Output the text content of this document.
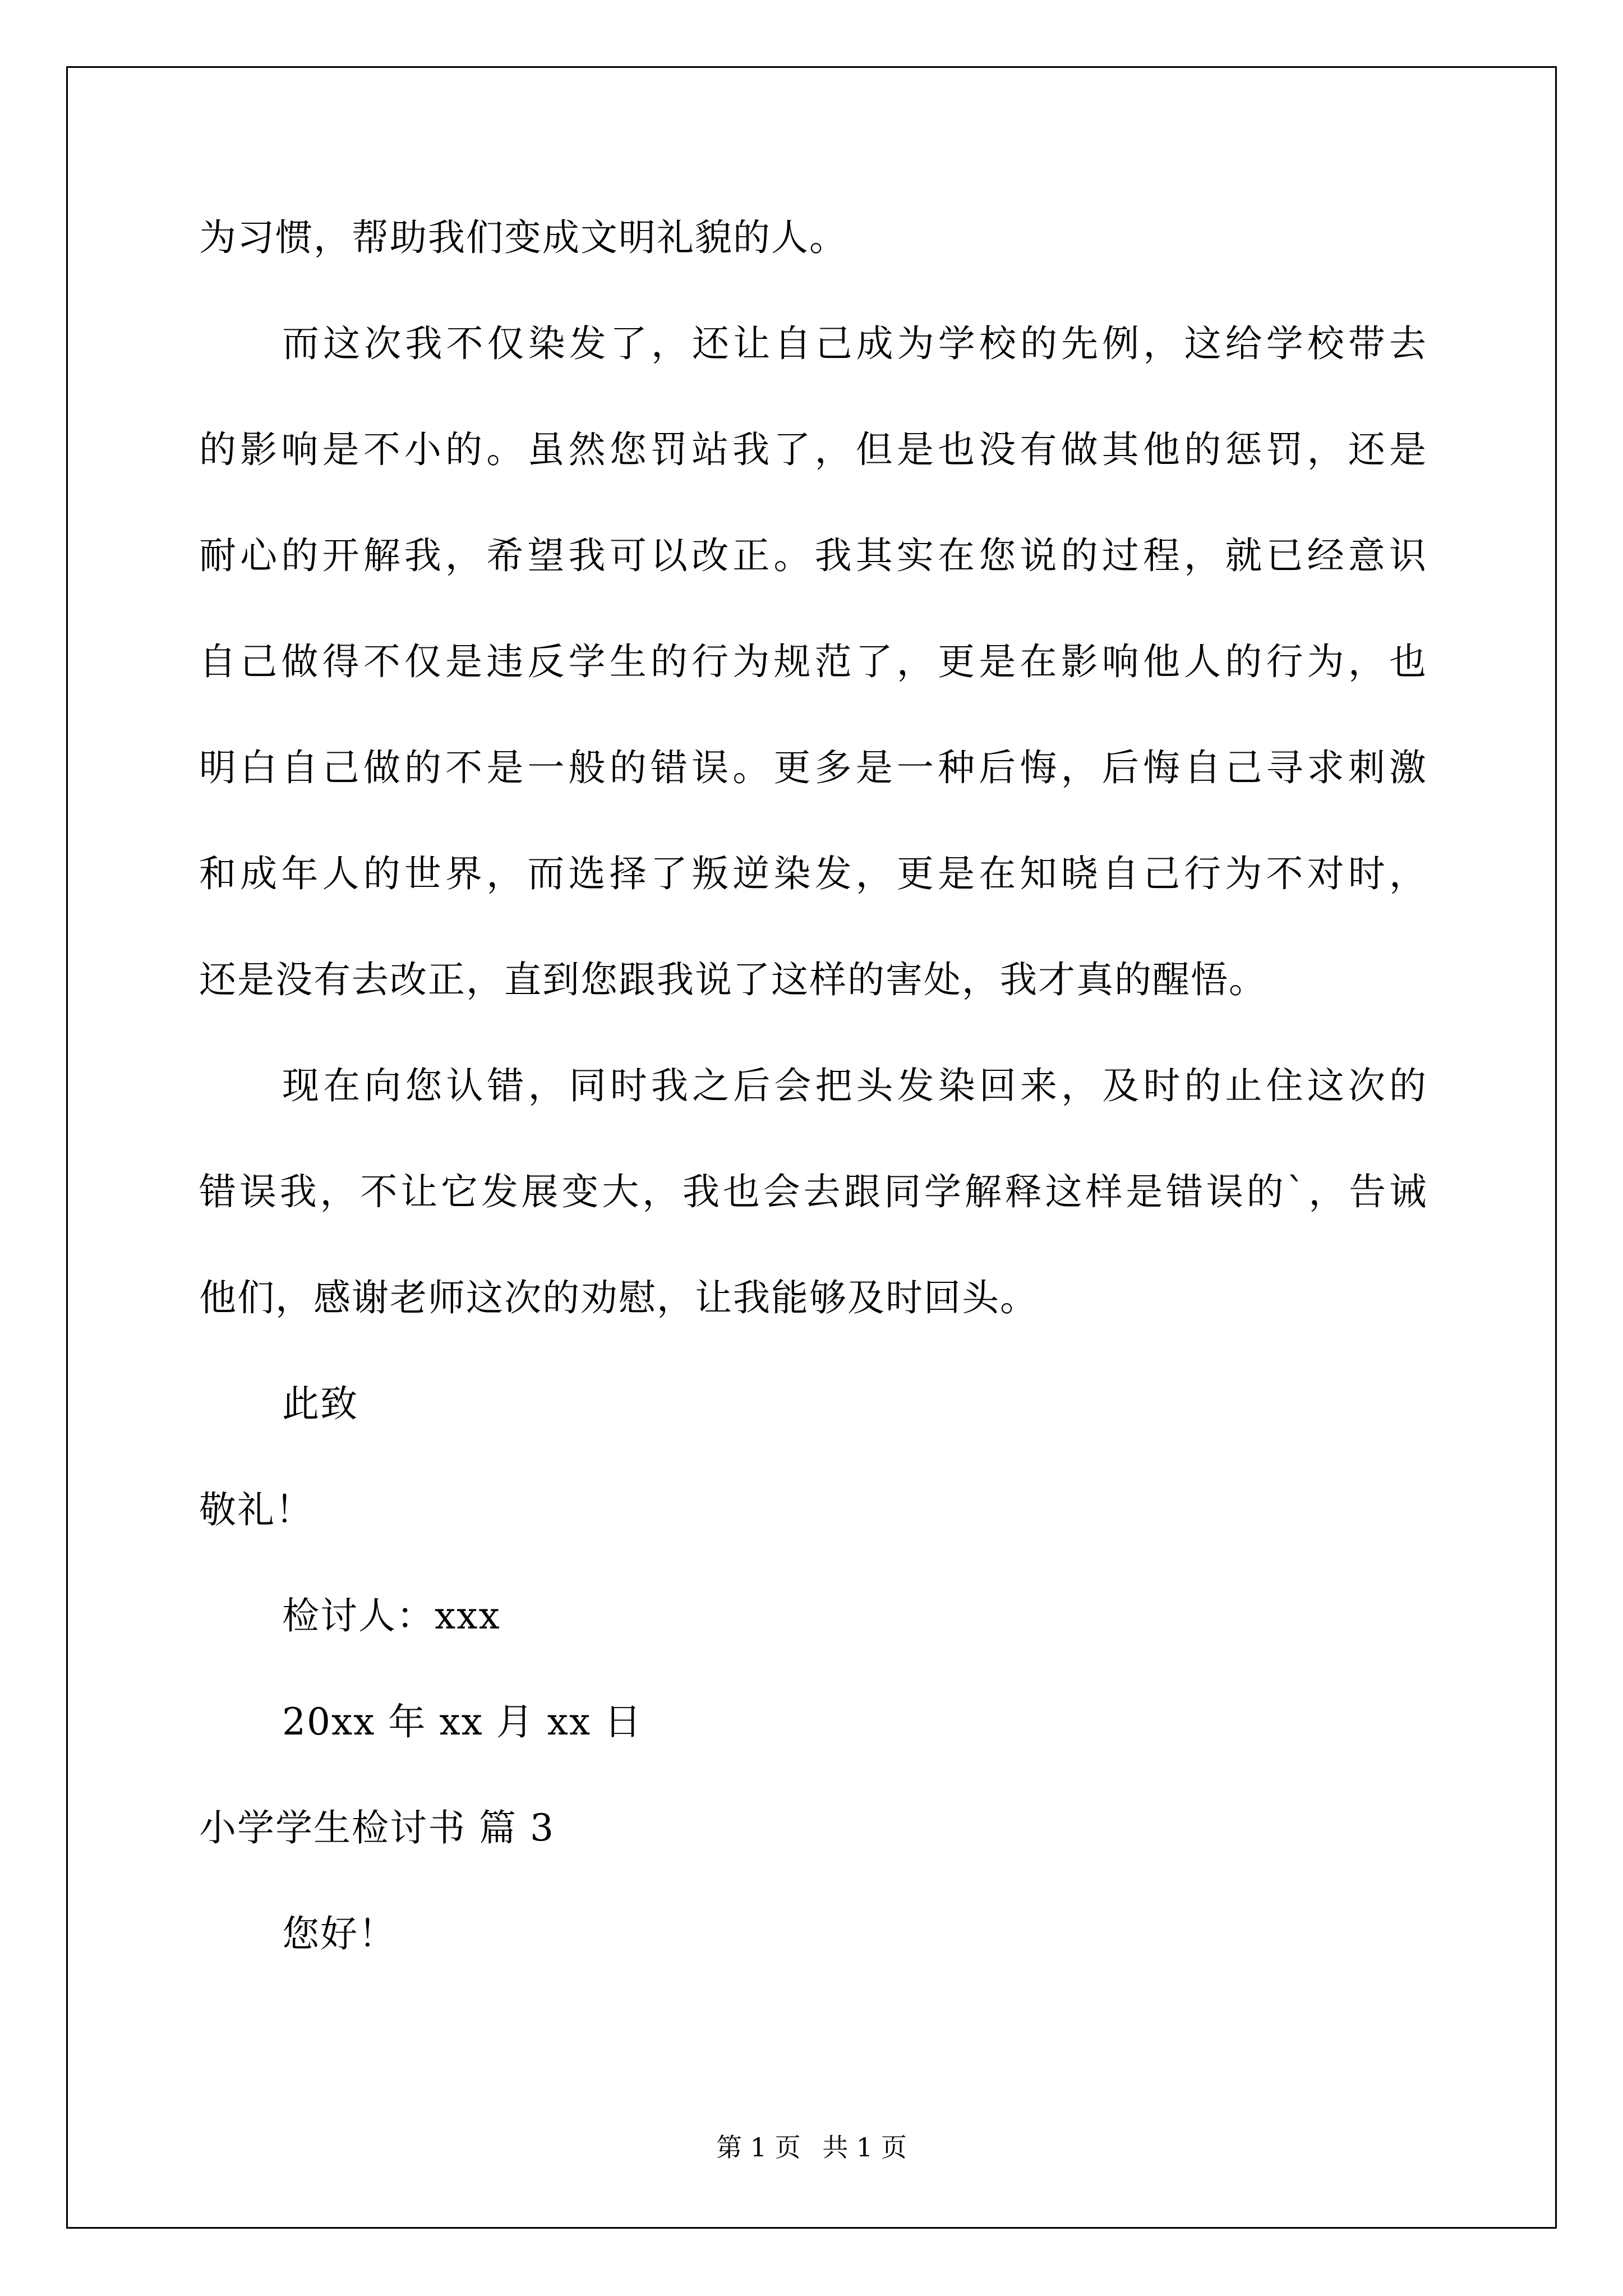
为习惯，帮助我们变成文明礼貌的人。
而这次我不仅染发了，还让自己成为学校的先例，这给学校带去
的影响是不小的。虽然您罚站我了，但是也没有做其他的惩罚，还是
耐心的开解我，希望我可以改正。我其实在您说的过程，就已经意识
自己做得不仅是违反学生的行为规范了，更是在影响他人的行为，也
明白自己做的不是一般的错误。更多是一种后悔，后悔自己寻求刺激
和成年人的世界，而选择了叛逆染发，更是在知晓自己行为不对时，
还是没有去改正，直到您跟我说了这样的害处，我才真的醒悟。
现在向您认错，同时我之后会把头发染回来，及时的止住这次的
错误我，不让它发展变大，我也会去跟同学解释这样是错误的`，告诫
他们，感谢老师这次的劝慰，让我能够及时回头。
此致
敬礼！
检讨人：xxx
20xx 年 xx 月 xx 日
小学学生检讨书 篇 3
您好！
第 1 页 共 1 页
